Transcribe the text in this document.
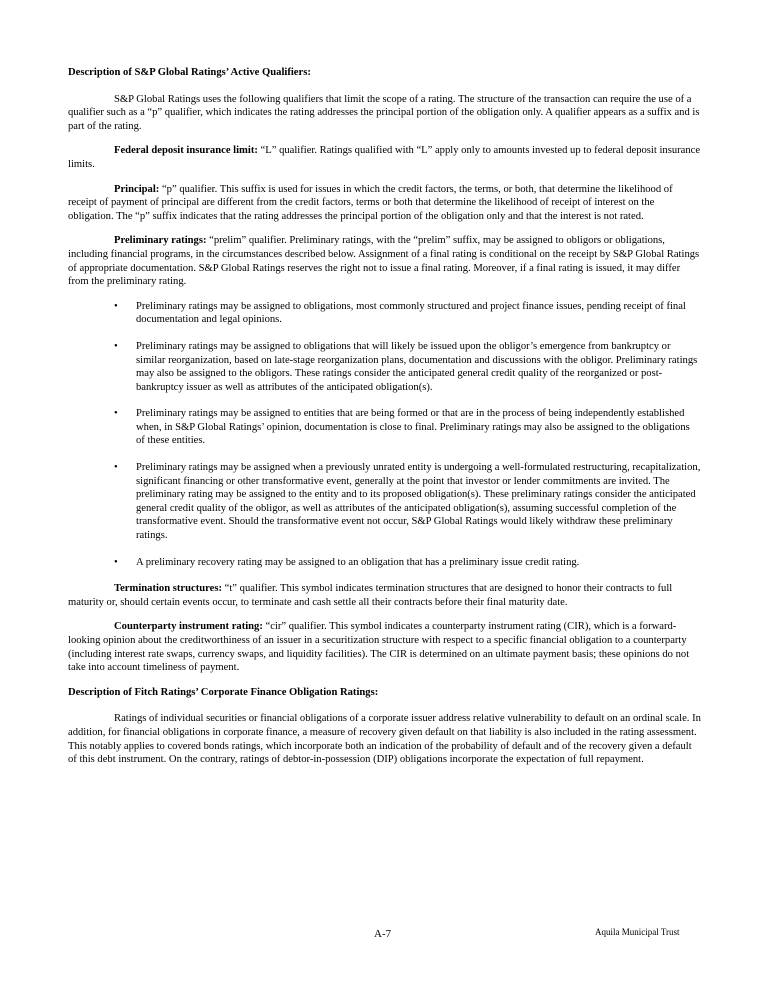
Description of S&P Global Ratings’ Active Qualifiers:

S&P Global Ratings uses the following qualifiers that limit the scope of a rating. The structure of the transaction can require the use of a qualifier such as a “p” qualifier, which indicates the rating addresses the principal portion of the obligation only. A qualifier appears as a suffix and is part of the rating.

Federal deposit insurance limit: “L” qualifier. Ratings qualified with “L” apply only to amounts invested up to federal deposit insurance limits.

Principal: “p” qualifier. This suffix is used for issues in which the credit factors, the terms, or both, that determine the likelihood of receipt of payment of principal are different from the credit factors, terms or both that determine the likelihood of receipt of interest on the obligation. The “p” suffix indicates that the rating addresses the principal portion of the obligation only and that the interest is not rated.

Preliminary ratings: “prelim” qualifier. Preliminary ratings, with the “prelim” suffix, may be assigned to obligors or obligations, including financial programs, in the circumstances described below. Assignment of a final rating is conditional on the receipt by S&P Global Ratings of appropriate documentation. S&P Global Ratings reserves the right not to issue a final rating. Moreover, if a final rating is issued, it may differ from the preliminary rating.

• Preliminary ratings may be assigned to obligations, most commonly structured and project finance issues, pending receipt of final documentation and legal opinions.
• Preliminary ratings may be assigned to obligations that will likely be issued upon the obligor’s emergence from bankruptcy or similar reorganization, based on late-stage reorganization plans, documentation and discussions with the obligor. Preliminary ratings may also be assigned to the obligors. These ratings consider the anticipated general credit quality of the reorganized or post-bankruptcy issuer as well as attributes of the anticipated obligation(s).
• Preliminary ratings may be assigned to entities that are being formed or that are in the process of being independently established when, in S&P Global Ratings’ opinion, documentation is close to final. Preliminary ratings may also be assigned to the obligations of these entities.
• Preliminary ratings may be assigned when a previously unrated entity is undergoing a well-formulated restructuring, recapitalization, significant financing or other transformative event, generally at the point that investor or lender commitments are invited. The preliminary rating may be assigned to the entity and to its proposed obligation(s). These preliminary ratings consider the anticipated general credit quality of the obligor, as well as attributes of the anticipated obligation(s), assuming successful completion of the transformative event. Should the transformative event not occur, S&P Global Ratings would likely withdraw these preliminary ratings.
• A preliminary recovery rating may be assigned to an obligation that has a preliminary issue credit rating.

Termination structures: “t” qualifier. This symbol indicates termination structures that are designed to honor their contracts to full maturity or, should certain events occur, to terminate and cash settle all their contracts before their final maturity date.

Counterparty instrument rating: “cir” qualifier. This symbol indicates a counterparty instrument rating (CIR), which is a forward-looking opinion about the creditworthiness of an issuer in a securitization structure with respect to a specific financial obligation to a counterparty (including interest rate swaps, currency swaps, and liquidity facilities). The CIR is determined on an ultimate payment basis; these opinions do not take into account timeliness of payment.

Description of Fitch Ratings’ Corporate Finance Obligation Ratings:

Ratings of individual securities or financial obligations of a corporate issuer address relative vulnerability to default on an ordinal scale. In addition, for financial obligations in corporate finance, a measure of recovery given default on that liability is also included in the rating assessment. This notably applies to covered bonds ratings, which incorporate both an indication of the probability of default and of the recovery given a default of this debt instrument. On the contrary, ratings of debtor-in-possession (DIP) obligations incorporate the expectation of full repayment.

A-7	Aquila Municipal Trust
